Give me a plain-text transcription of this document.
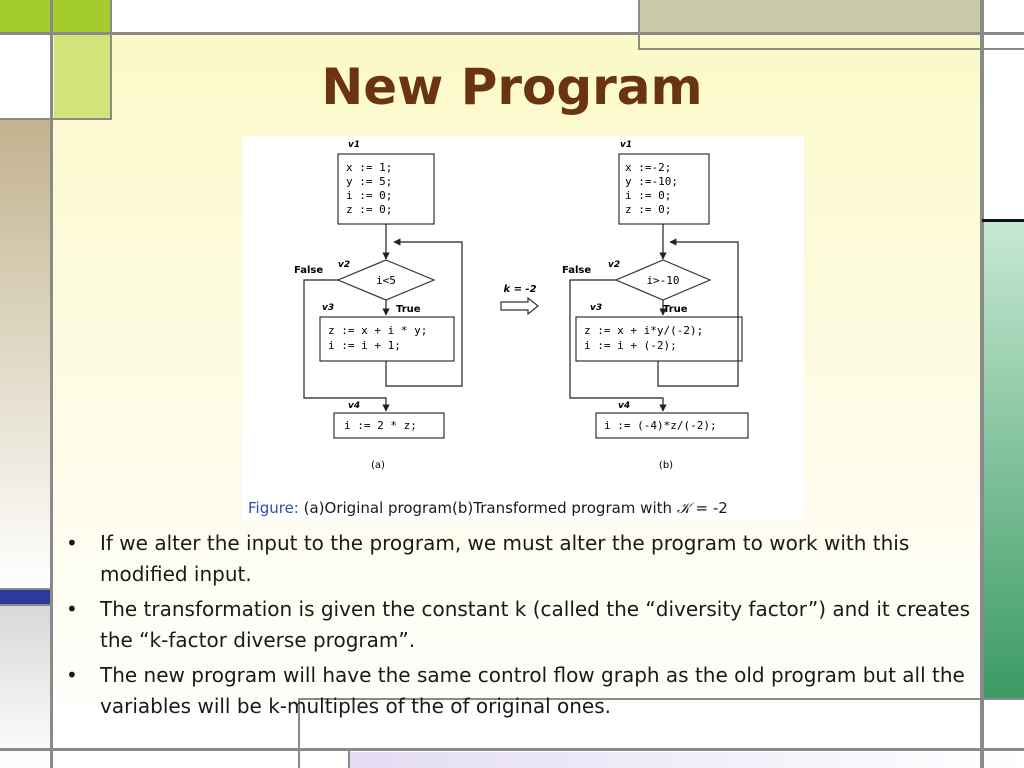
New Program
v1
x := 1;
y := 5;
i := 0;
z := 0;
v2
i<5
False
True
v3
z := x + i * y;
i := i + 1;
v4
i := 2 * z;
(a)
k = -2
v1
x :=-2;
y :=-10;
i := 0;
z := 0;
v2
i>-10
False
True
v3
z := x + i*y/(-2);
i := i + (-2);
v4
i := (-4)*z/(-2);
(b)
Figure: (a)Original program(b)Transformed program with 𝒦 = -2
• If we alter the input to the program, we must alter the program to work with this modified input.
• The transformation is given the constant k (called the “diversity factor”) and it creates the “k-factor diverse program”.
• The new program will have the same control flow graph as the old program but all the variables will be k-multiples of the of original ones.
